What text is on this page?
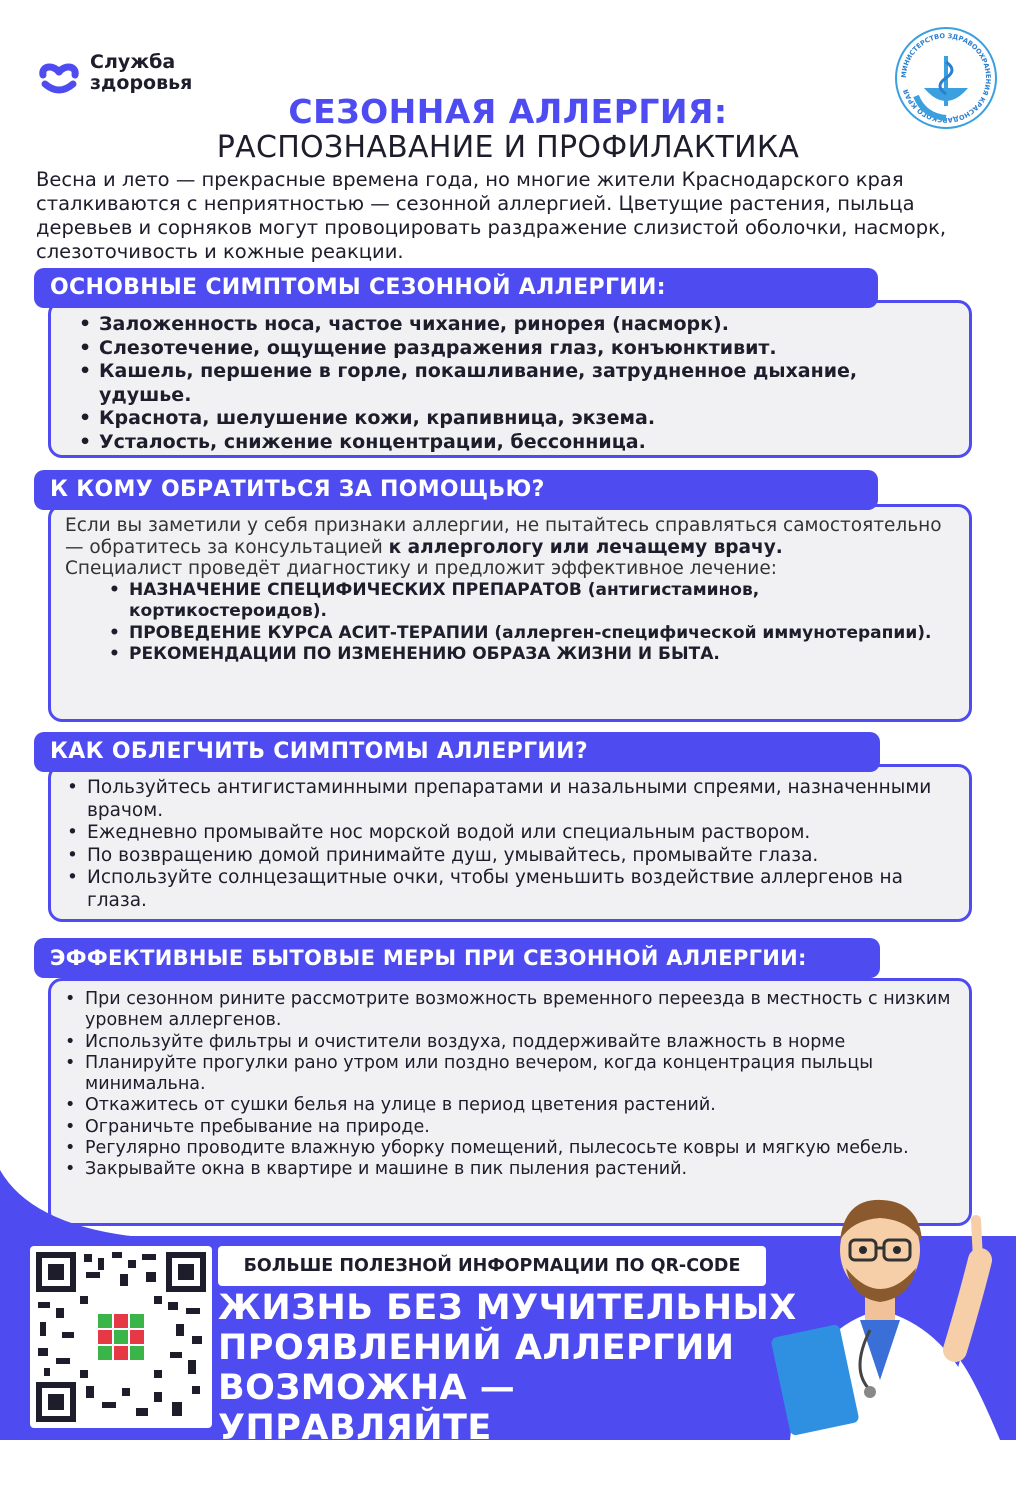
Служба
здоровья	МИНИСТЕРСТВО ЗДРАВООХРАНЕНИЯ КРАСНОДАРСКОГО КРАЯ
СЕЗОННАЯ АЛЛЕРГИЯ:
РАСПОЗНАВАНИЕ И ПРОФИЛАКТИКА
Весна и лето — прекрасные времена года, но многие жители Краснодарского края сталкиваются с неприятностью — сезонной аллергией. Цветущие растения, пыльца деревьев и сорняков могут провоцировать раздражение слизистой оболочки, насморк, слезоточивость и кожные реакции.
ОСНОВНЫЕ СИМПТОМЫ СЕЗОННОЙ АЛЛЕРГИИ:
• Заложенность носа, частое чихание, ринорея (насморк).
• Слезотечение, ощущение раздражения глаз, конъюнктивит.
• Кашель, першение в горле, покашливание, затрудненное дыхание, удушье.
• Краснота, шелушение кожи, крапивница, экзема.
• Усталость, снижение концентрации, бессонница.
К КОМУ ОБРАТИТЬСЯ ЗА ПОМОЩЬЮ?
Если вы заметили у себя признаки аллергии, не пытайтесь справляться самостоятельно — обратитесь за консультацией к аллергологу или лечащему врачу.
Специалист проведёт диагностику и предложит эффективное лечение:
• НАЗНАЧЕНИЕ СПЕЦИФИЧЕСКИХ ПРЕПАРАТОВ (антигистаминов, кортикостероидов).
• ПРОВЕДЕНИЕ КУРСА АСИТ-ТЕРАПИИ (аллерген-специфической иммунотерапии).
• РЕКОМЕНДАЦИИ ПО ИЗМЕНЕНИЮ ОБРАЗА ЖИЗНИ И БЫТА.
КАК ОБЛЕГЧИТЬ СИМПТОМЫ АЛЛЕРГИИ?
• Пользуйтесь антигистаминными препаратами и назальными спреями, назначенными врачом.
• Ежедневно промывайте нос морской водой или специальным раствором.
• По возвращению домой принимайте душ, умывайтесь, промывайте глаза.
• Используйте солнцезащитные очки, чтобы уменьшить воздействие аллергенов на глаза.
ЭФФЕКТИВНЫЕ БЫТОВЫЕ МЕРЫ ПРИ СЕЗОННОЙ АЛЛЕРГИИ:
• При сезонном рините рассмотрите возможность временного переезда в местность с низким уровнем аллергенов.
• Используйте фильтры и очистители воздуха, поддерживайте влажность в норме
• Планируйте прогулки рано утром или поздно вечером, когда концентрация пыльцы минимальна.
• Откажитесь от сушки белья на улице в период цветения растений.
• Ограничьте пребывание на природе.
• Регулярно проводите влажную уборку помещений, пылесосьте ковры и мягкую мебель.
• Закрывайте окна в квартире и машине в пик пыления растений.
БОЛЬШЕ ПОЛЕЗНОЙ ИНФОРМАЦИИ ПО QR-CODE
ЖИЗНЬ БЕЗ МУЧИТЕЛЬНЫХ
ПРОЯВЛЕНИЙ АЛЛЕРГИИ
ВОЗМОЖНА — УПРАВЛЯЙТЕ
СИТУАЦИЕЙ ГРАМОТНО!
